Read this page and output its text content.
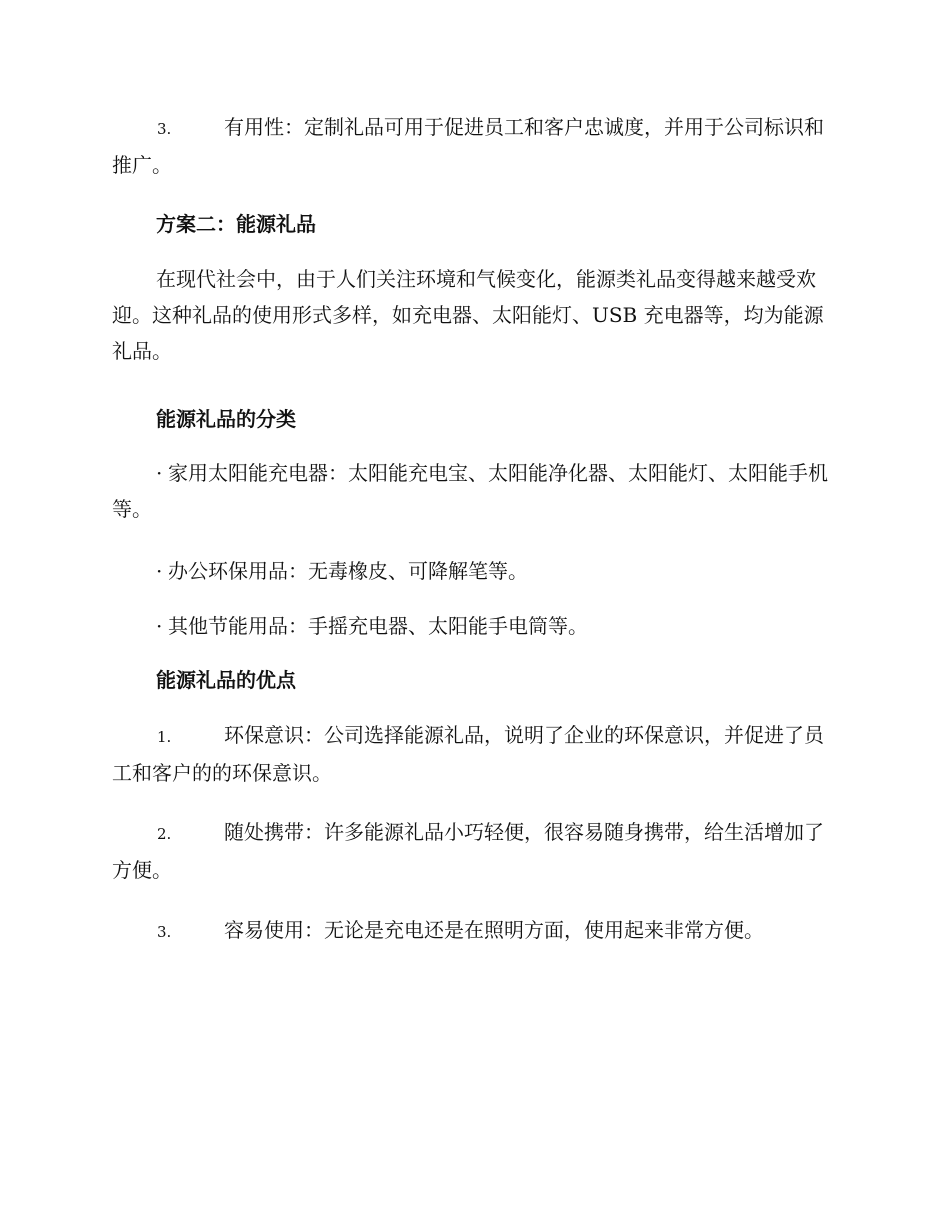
3.	有用性：定制礼品可用于促进员工和客户忠诚度，并用于公司标识和推广。

方案二：能源礼品

在现代社会中，由于人们关注环境和气候变化，能源类礼品变得越来越受欢迎。这种礼品的使用形式多样，如充电器、太阳能灯、USB 充电器等，均为能源礼品。

能源礼品的分类

· 家用太阳能充电器：太阳能充电宝、太阳能净化器、太阳能灯、太阳能手机等。

· 办公环保用品：无毒橡皮、可降解笔等。

· 其他节能用品：手摇充电器、太阳能手电筒等。

能源礼品的优点

1.	环保意识：公司选择能源礼品，说明了企业的环保意识，并促进了员工和客户的的环保意识。

2.	随处携带：许多能源礼品小巧轻便，很容易随身携带，给生活增加了方便。

3.	容易使用：无论是充电还是在照明方面，使用起来非常方便。
